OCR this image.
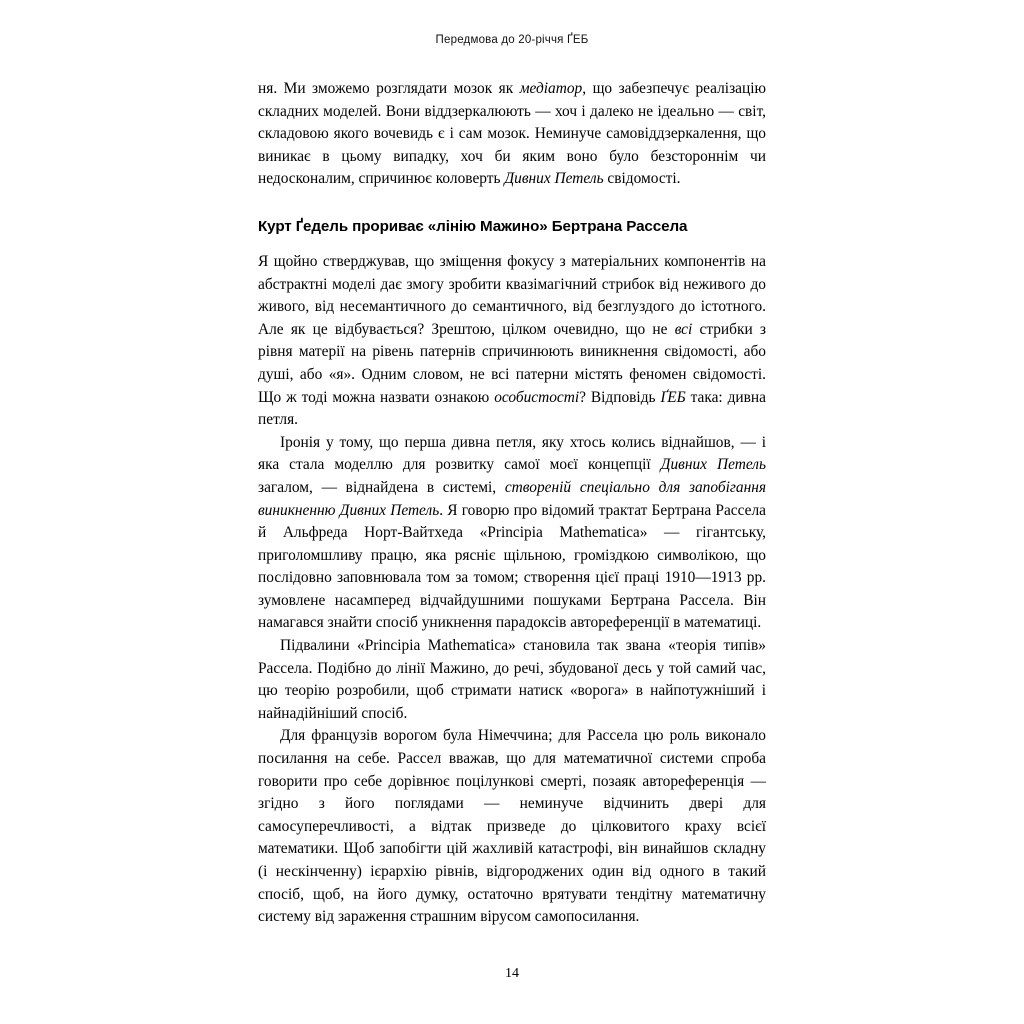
Передмова до 20-річчя ҐЕБ

ня. Ми зможемо розглядати мозок як медіатор, що забезпечує реалізацію складних моделей. Вони віддзеркалюють — хоч і далеко не ідеально — світ, складовою якого вочевидь є і сам мозок. Неминуче самовіддзеркалення, що виникає в цьому випадку, хоч би яким воно було безстороннім чи недосконалим, спричинює коловерть Дивних Петель свідомості.

Курт Ґедель прориває «лінію Мажино» Бертрана Рассела

Я щойно стверджував, що зміщення фокусу з матеріальних компонентів на абстрактні моделі дає змогу зробити квазімагічний стрибок від неживого до живого, від несемантичного до семантичного, від безглуздого до істотного. Але як це відбувається? Зрештою, цілком очевидно, що не всі стрибки з рівня матерії на рівень патернів спричинюють виникнення свідомості, або душі, або «я». Одним словом, не всі патерни містять феномен свідомості. Що ж тоді можна назвати ознакою особистості? Відповідь ҐЕБ така: дивна петля.

Іронія у тому, що перша дивна петля, яку хтось колись віднайшов, — і яка стала моделлю для розвитку самої моєї концепції Дивних Петель загалом, — віднайдена в системі, створеній спеціально для запобігання виникненню Дивних Петель. Я говорю про відомий трактат Бертрана Рассела й Альфреда Норт-Вайтхеда «Principia Mathematica» — гігантську, приголомшливу працю, яка рясніє щільною, громіздкою символікою, що послідовно заповнювала том за томом; створення цієї праці 1910—1913 рр. зумовлене насамперед відчайдушними пошуками Бертрана Рассела. Він намагався знайти спосіб уникнення парадоксів автореференції в математиці.

Підвалини «Principia Mathematica» становила так звана «теорія типів» Рассела. Подібно до лінії Мажино, до речі, збудованої десь у той самий час, цю теорію розробили, щоб стримати натиск «ворога» в найпотужніший і найнадійніший спосіб.

Для французів ворогом була Німеччина; для Рассела цю роль виконало посилання на себе. Рассел вважав, що для математичної системи спроба говорити про себе дорівнює поцілункові смерті, позаяк автореференція — згідно з його поглядами — неминуче відчинить двері для самосуперечливості, а відтак призведе до цілковитого краху всієї математики. Щоб запобігти цій жахливій катастрофі, він винайшов складну (і нескінченну) ієрархію рівнів, відгороджених один від одного в такий спосіб, щоб, на його думку, остаточно врятувати тендітну математичну систему від зараження страшним вірусом самопосилання.

14
